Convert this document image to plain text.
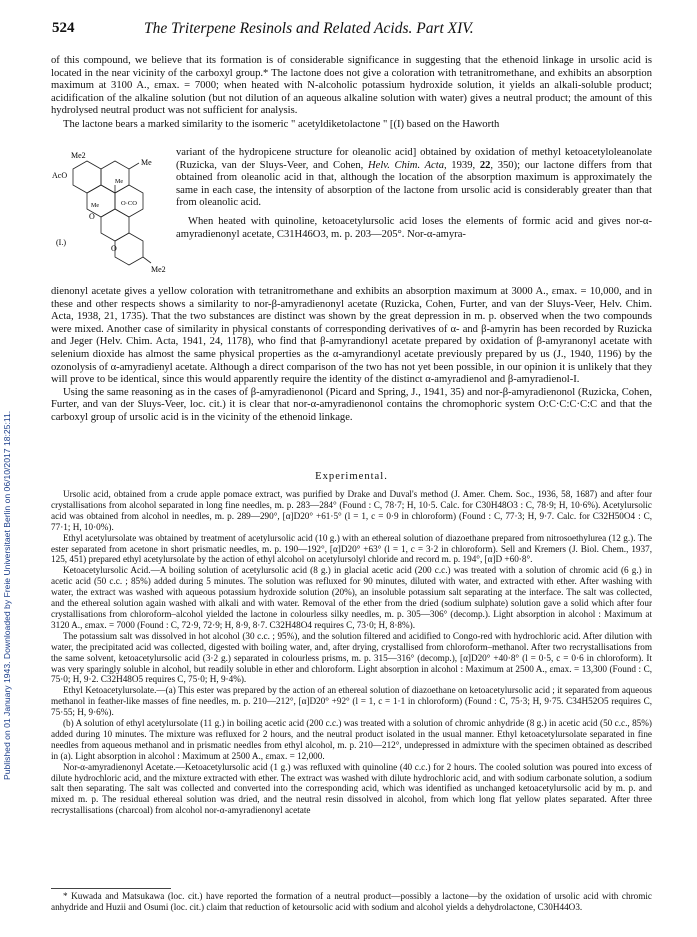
Published on 01 January 1943. Downloaded by Freie Universitaet Berlin on 06/10/2017 18:25:11.
524	The Triterpene Resinols and Related Acids. Part XIV.

of this compound, we believe that its formation is of considerable significance in suggesting that the ethenoid linkage in ursolic acid is located in the near vicinity of the carboxyl group.* The lactone does not give a coloration with tetranitromethane, and exhibits an absorption maximum at 3100 A., εmax. = 7000; when heated with N-alcoholic potassium hydroxide solution, it yields an alkali-soluble product; acidification of the alkaline solution (but not dilution of an aqueous alkaline solution with water) gives a neutral product; the amount of this hydrolysed neutral product was not sufficient for analysis.

The lactone bears a marked similarity to the isomeric " acetyldiketolactone " [(I) based on the Haworth

Me2
Me
AcO
Me
Me	O·CO
O
O
(I.)
Me2

variant of the hydropicene structure for oleanolic acid] obtained by oxidation of methyl ketoacetyloleanolate (Ruzicka, van der Sluys-Veer, and Cohen, Helv. Chim. Acta, 1939, 22, 350); our lactone differs from that obtained from oleanolic acid in that, although the location of the absorption maximum is approximately the same in each case, the intensity of absorption of the lactone from ursolic acid is considerably greater than that from oleanolic acid.

When heated with quinoline, ketoacetylursolic acid loses the elements of formic acid and gives nor-α-amyradienonyl acetate, C31H46O3, m. p. 203—205°. Nor-α-amyra-

dienonyl acetate gives a yellow coloration with tetranitromethane and exhibits an absorption maximum at 3000 A., εmax. = 10,000, and in these and other respects shows a similarity to nor-β-amyradienonyl acetate (Ruzicka, Cohen, Furter, and van der Sluys-Veer, Helv. Chim. Acta, 1938, 21, 1735). That the two substances are distinct was shown by the great depression in m. p. observed when the two compounds were mixed. Another case of similarity in physical constants of corresponding derivatives of α- and β-amyrin has been recorded by Ruzicka and Jeger (Helv. Chim. Acta, 1941, 24, 1178), who find that β-amyrandionyl acetate prepared by oxidation of β-amyranonyl acetate with selenium dioxide has almost the same physical properties as the α-amyrandionyl acetate previously prepared by us (J., 1940, 1196) by the ozonolysis of α-amyradienyl acetate. Although a direct comparison of the two has not yet been possible, in our opinion it is unlikely that they will prove to be identical, since this would apparently require the identity of the distinct α-amyradienol and β-amyradienol-I.

Using the same reasoning as in the cases of β-amyradienonol (Picard and Spring, J., 1941, 35) and nor-β-amyradienonol (Ruzicka, Cohen, Furter, and van der Sluys-Veer, loc. cit.) it is clear that nor-α-amyradienonol contains the chromophoric system O:C·C:C·C:C and that the carboxyl group of ursolic acid is in the vicinity of the ethenoid linkage.

Experimental.

Ursolic acid, obtained from a crude apple pomace extract, was purified by Drake and Duval's method (J. Amer. Chem. Soc., 1936, 58, 1687) and after four crystallisations from alcohol separated in long fine needles, m. p. 283—284° (Found : C, 78·7; H, 10·5. Calc. for C30H48O3 : C, 78·9; H, 10·6%). Acetylursolic acid was obtained from alcohol in needles, m. p. 289—290°, [α]D20° +61·5° (l = 1, c = 0·9 in chloroform) (Found : C, 77·3; H, 9·7. Calc. for C32H50O4 : C, 77·1; H, 10·0%).

Ethyl acetylursolate was obtained by treatment of acetylursolic acid (10 g.) with an ethereal solution of diazoethane prepared from nitrosoethylurea (12 g.). The ester separated from acetone in short prismatic needles, m. p. 190—192°, [α]D20° +63° (l = 1, c = 3·2 in chloroform). Sell and Kremers (J. Biol. Chem., 1937, 125, 451) prepared ethyl acetylursolate by the action of ethyl alcohol on acetylursolyl chloride and record m. p. 194°, [α]D +60·8°.

Ketoacetylursolic Acid.—A boiling solution of acetylursolic acid (8 g.) in glacial acetic acid (200 c.c.) was treated with a solution of chromic acid (6 g.) in acetic acid (50 c.c. ; 85%) added during 5 minutes. The solution was refluxed for 90 minutes, diluted with water, and extracted with ether. After washing with water, the extract was washed with aqueous potassium hydroxide solution (20%), an insoluble potassium salt separating at the interface. The salt was collected, and the ethereal solution again washed with alkali and with water. Removal of the ether from the dried (sodium sulphate) solution gave a solid which after four crystallisations from chloroform–alcohol yielded the lactone in colourless silky needles, m. p. 305—306° (decomp.). Light absorption in alcohol : Maximum at 3120 A., εmax. = 7000 (Found : C, 72·9, 72·9; H, 8·9, 8·7. C32H48O4 requires C, 73·0; H, 8·8%).

The potassium salt was dissolved in hot alcohol (30 c.c. ; 95%), and the solution filtered and acidified to Congo-red with hydrochloric acid. After dilution with water, the precipitated acid was collected, digested with boiling water, and, after drying, crystallised from chloroform–methanol. After two recrystallisations from the same solvent, ketoacetylursolic acid (3·2 g.) separated in colourless prisms, m. p. 315—316° (decomp.), [α]D20° +40·8° (l = 0·5, c = 0·6 in chloroform). It was very sparingly soluble in alcohol, but readily soluble in ether and chloroform. Light absorption in alcohol : Maximum at 2500 A., εmax. = 13,300 (Found : C, 75·0; H, 9·2. C32H48O5 requires C, 75·0; H, 9·4%).

Ethyl Ketoacetylursolate.—(a) This ester was prepared by the action of an ethereal solution of diazoethane on ketoacetylursolic acid ; it separated from aqueous methanol in feather-like masses of fine needles, m. p. 210—212°, [α]D20° +92° (l = 1, c = 1·1 in chloroform) (Found : C, 75·3; H, 9·75. C34H52O5 requires C, 75·55; H, 9·6%).

(b) A solution of ethyl acetylursolate (11 g.) in boiling acetic acid (200 c.c.) was treated with a solution of chromic anhydride (8 g.) in acetic acid (50 c.c., 85%) added during 10 minutes. The mixture was refluxed for 2 hours, and the neutral product isolated in the usual manner. Ethyl ketoacetylursolate separated in fine needles from aqueous methanol and in prismatic needles from ethyl alcohol, m. p. 210—212°, undepressed in admixture with the specimen obtained as described in (a). Light absorption in alcohol : Maximum at 2500 A., εmax. = 12,000.

Nor-α-amyradienonyl Acetate.—Ketoacetylursolic acid (1 g.) was refluxed with quinoline (40 c.c.) for 2 hours. The cooled solution was poured into excess of dilute hydrochloric acid, and the mixture extracted with ether. The extract was washed with dilute hydrochloric acid, and with sodium carbonate solution, a sodium salt then separating. The salt was collected and converted into the corresponding acid, which was identified as unchanged ketoacetylursolic acid by m. p. and mixed m. p. The residual ethereal solution was dried, and the neutral resin dissolved in alcohol, from which long flat yellow plates separated. After three recrystallisations (charcoal) from alcohol nor-α-amyradienonyl acetate

* Kuwada and Matsukawa (loc. cit.) have reported the formation of a neutral product—possibly a lactone—by the oxidation of ursolic acid with chromic anhydride and Huzii and Osumi (loc. cit.) claim that reduction of ketoursolic acid with sodium and alcohol yields a dehydrolactone, C30H44O3.
